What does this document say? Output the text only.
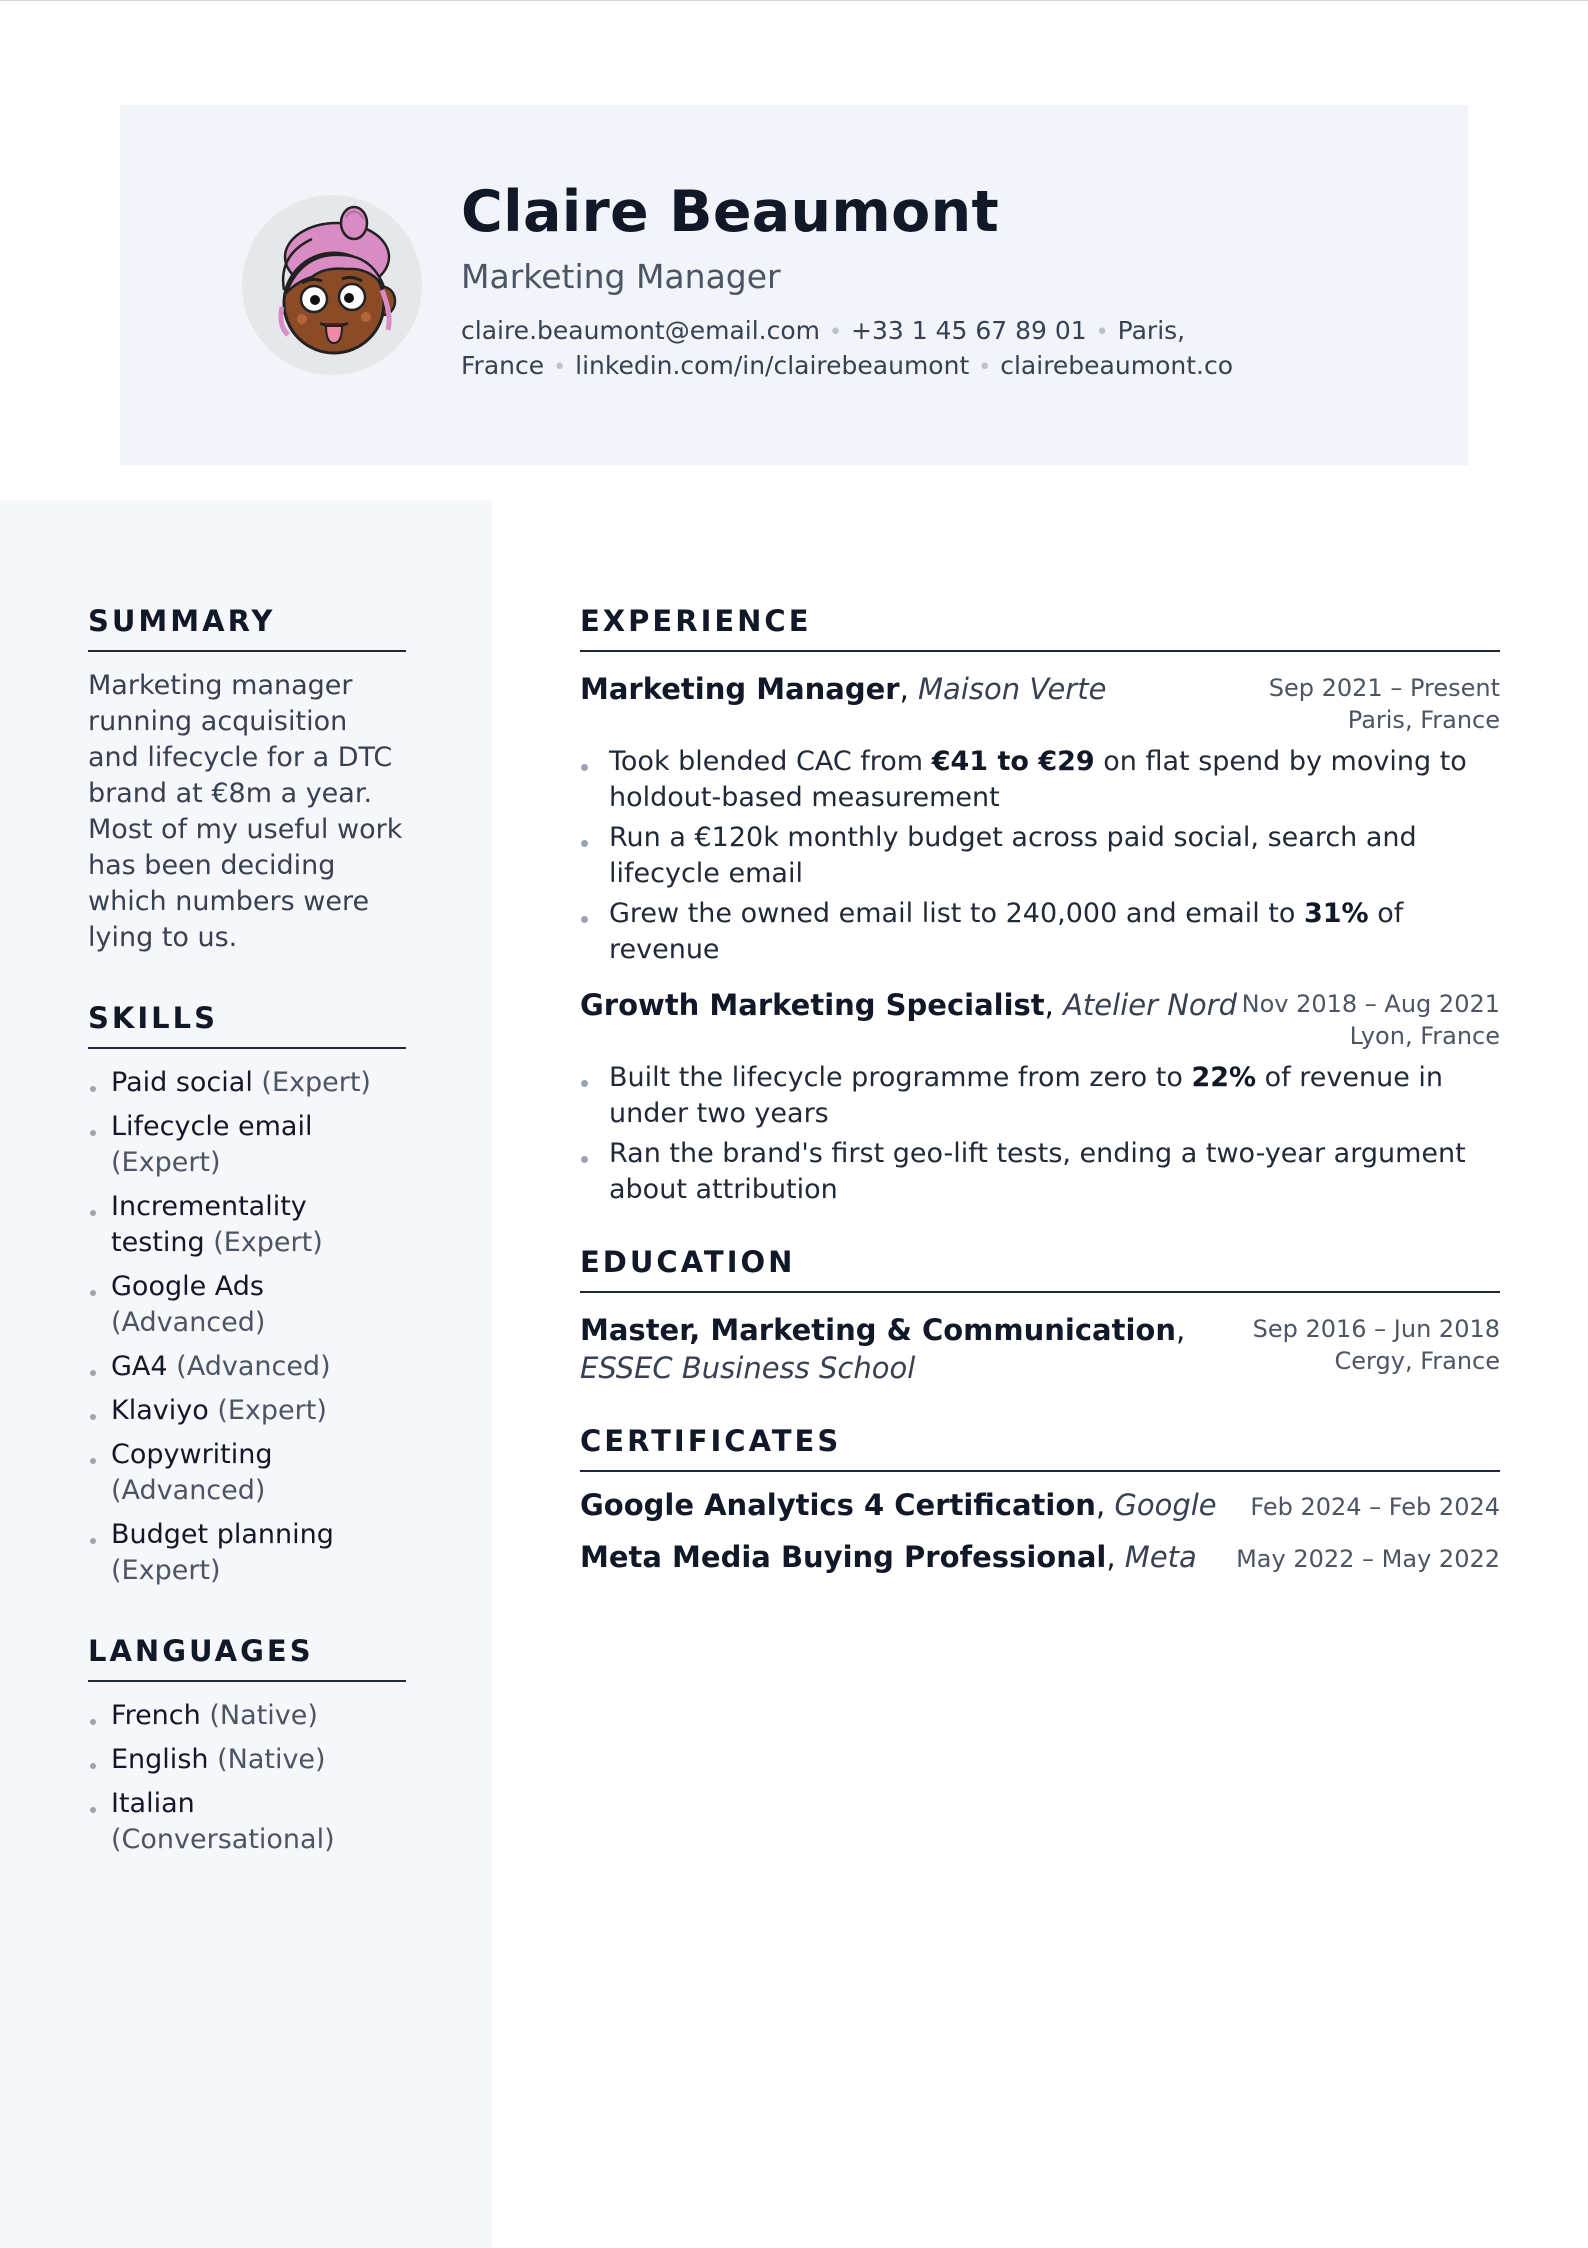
Claire Beaumont
Marketing Manager
claire.beaumont@email.com • +33 1 45 67 89 01 • Paris, France • linkedin.com/in/clairebeaumont • clairebeaumont.co
SUMMARY

Marketing manager running acquisition and lifecycle for a DTC brand at €8m a year. Most of my useful work has been deciding which numbers were lying to us.

SKILLS
Paid social (Expert)
Lifecycle email (Expert)
Incrementality testing (Expert)
Google Ads (Advanced)
GA4 (Advanced)
Klaviyo (Expert)
Copywriting (Advanced)
Budget planning (Expert)
LANGUAGES
French (Native)
English (Native)
Italian (Conversational)
EXPERIENCE
Marketing Manager, Maison Verte	Sep 2021 – Present
Paris, France
Took blended CAC from €41 to €29 on flat spend by moving to holdout-based measurement
Run a €120k monthly budget across paid social, search and lifecycle email
Grew the owned email list to 240,000 and email to 31% of revenue
Growth Marketing Specialist, Atelier Nord Nov 2018 – Aug 2021
Lyon, France
Built the lifecycle programme from zero to 22% of revenue in under two years
Ran the brand's first geo-lift tests, ending a two-year argument about attribution
EDUCATION
Master, Marketing & Communication,
ESSEC Business School
Sep 2016 – Jun 2018
Cergy, France
CERTIFICATES
Google Analytics 4 Certification, Google Feb 2024 – Feb 2024
Meta Media Buying Professional, Meta May 2022 – May 2022
